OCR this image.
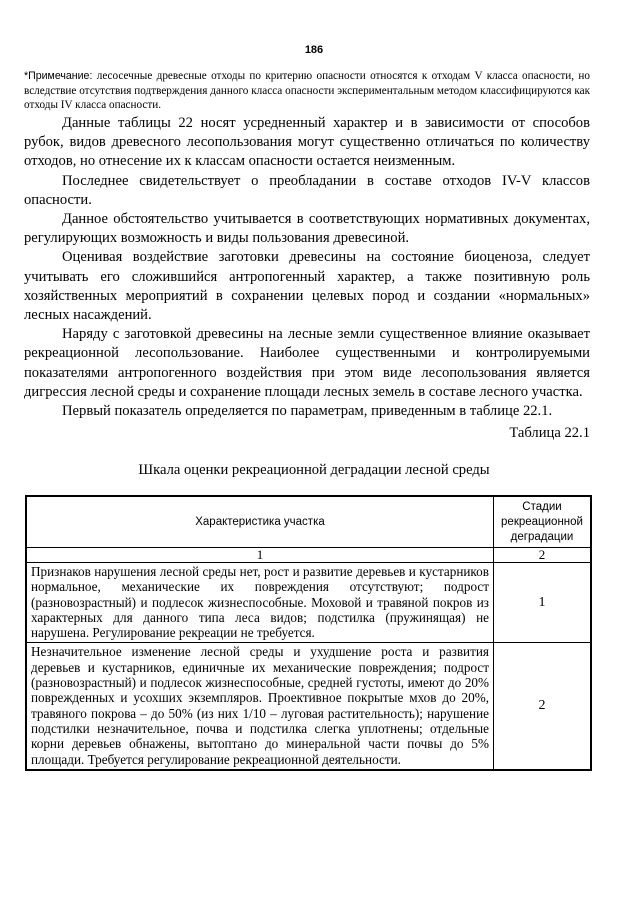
186
*Примечание: лесосечные древесные отходы по критерию опасности относятся к отходам V класса опасности, но вследствие отсутствия подтверждения данного класса опасности экспериментальным методом классифицируются как отходы IV класса опасности.

Данные таблицы 22 носят усредненный характер и в зависимости от способов рубок, видов древесного лесопользования могут существенно отличаться по количеству отходов, но отнесение их к классам опасности остается неизменным.

Последнее свидетельствует о преобладании в составе отходов IV-V классов опасности.

Данное обстоятельство учитывается в соответствующих нормативных документах, регулирующих возможность и виды пользования древесиной.

Оценивая воздействие заготовки древесины на состояние биоценоза, следует учитывать его сложившийся антропогенный характер, а также позитивную роль хозяйственных мероприятий в сохранении целевых пород и создании «нормальных» лесных насаждений.

Наряду с заготовкой древесины на лесные земли существенное влияние оказывает рекреационной лесопользование. Наиболее существенными и контролируемыми показателями антропогенного воздействия при этом виде лесопользования является дигрессия лесной среды и сохранение площади лесных земель в составе лесного участка.

Первый показатель определяется по параметрам, приведенным в таблице 22.1.

Таблица 22.1
Шкала оценки рекреационной деградации лесной среды
Характеристика участка	Стадии рекреационной деградации
1	2
Признаков нарушения лесной среды нет, рост и развитие деревьев и кустарников нормальное, механические их повреждения отсутствуют; подрост (разновозрастный) и подлесок жизнеспособные. Моховой и травяной покров из характерных для данного типа леса видов; подстилка (пружинящая) не нарушена. Регулирование рекреации не требуется.	1
Незначительное изменение лесной среды и ухудшение роста и развития деревьев и кустарников, единичные их механические повреждения; подрост (разновозрастный) и подлесок жизнеспособные, средней густоты, имеют до 20% поврежденных и усохших экземпляров. Проективное покрытые мхов до 20%, травяного покрова – до 50% (из них 1/10 – луговая растительность); нарушение подстилки незначительное, почва и подстилка слегка уплотнены; отдельные корни деревьев обнажены, вытоптано до минеральной части почвы до 5% площади. Требуется регулирование рекреационной деятельности.	2
